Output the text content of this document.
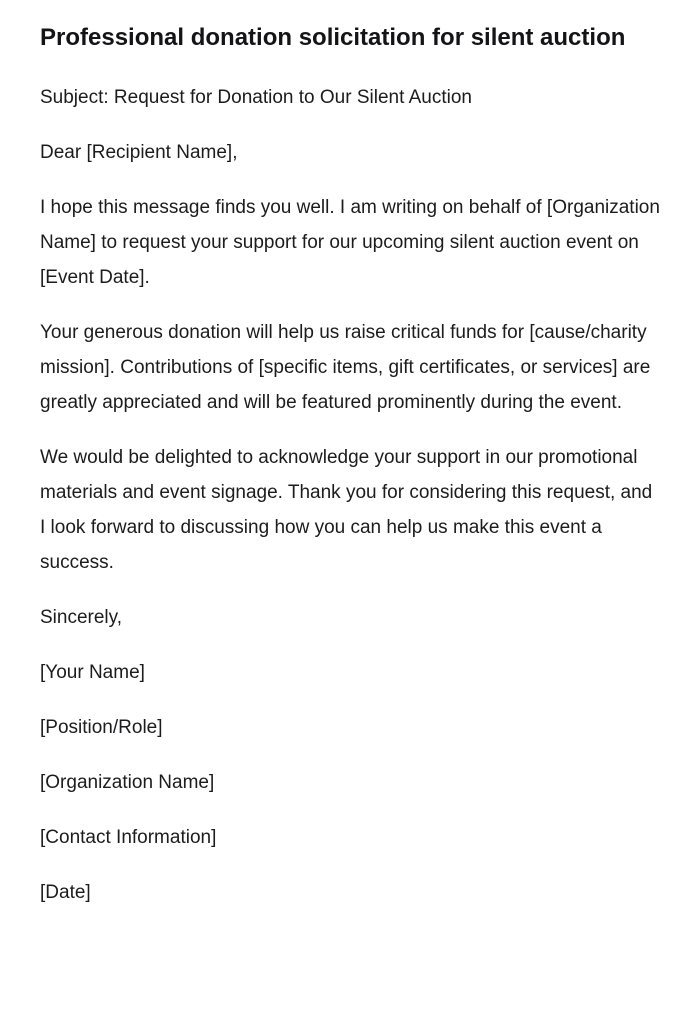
Professional donation solicitation for silent auction

Subject: Request for Donation to Our Silent Auction

Dear [Recipient Name],

I hope this message finds you well. I am writing on behalf of [Organization Name] to request your support for our upcoming silent auction event on [Event Date].

Your generous donation will help us raise critical funds for [cause/charity mission]. Contributions of [specific items, gift certificates, or services] are greatly appreciated and will be featured prominently during the event.

We would be delighted to acknowledge your support in our promotional materials and event signage. Thank you for considering this request, and I look forward to discussing how you can help us make this event a success.

Sincerely,

[Your Name]

[Position/Role]

[Organization Name]

[Contact Information]

[Date]
